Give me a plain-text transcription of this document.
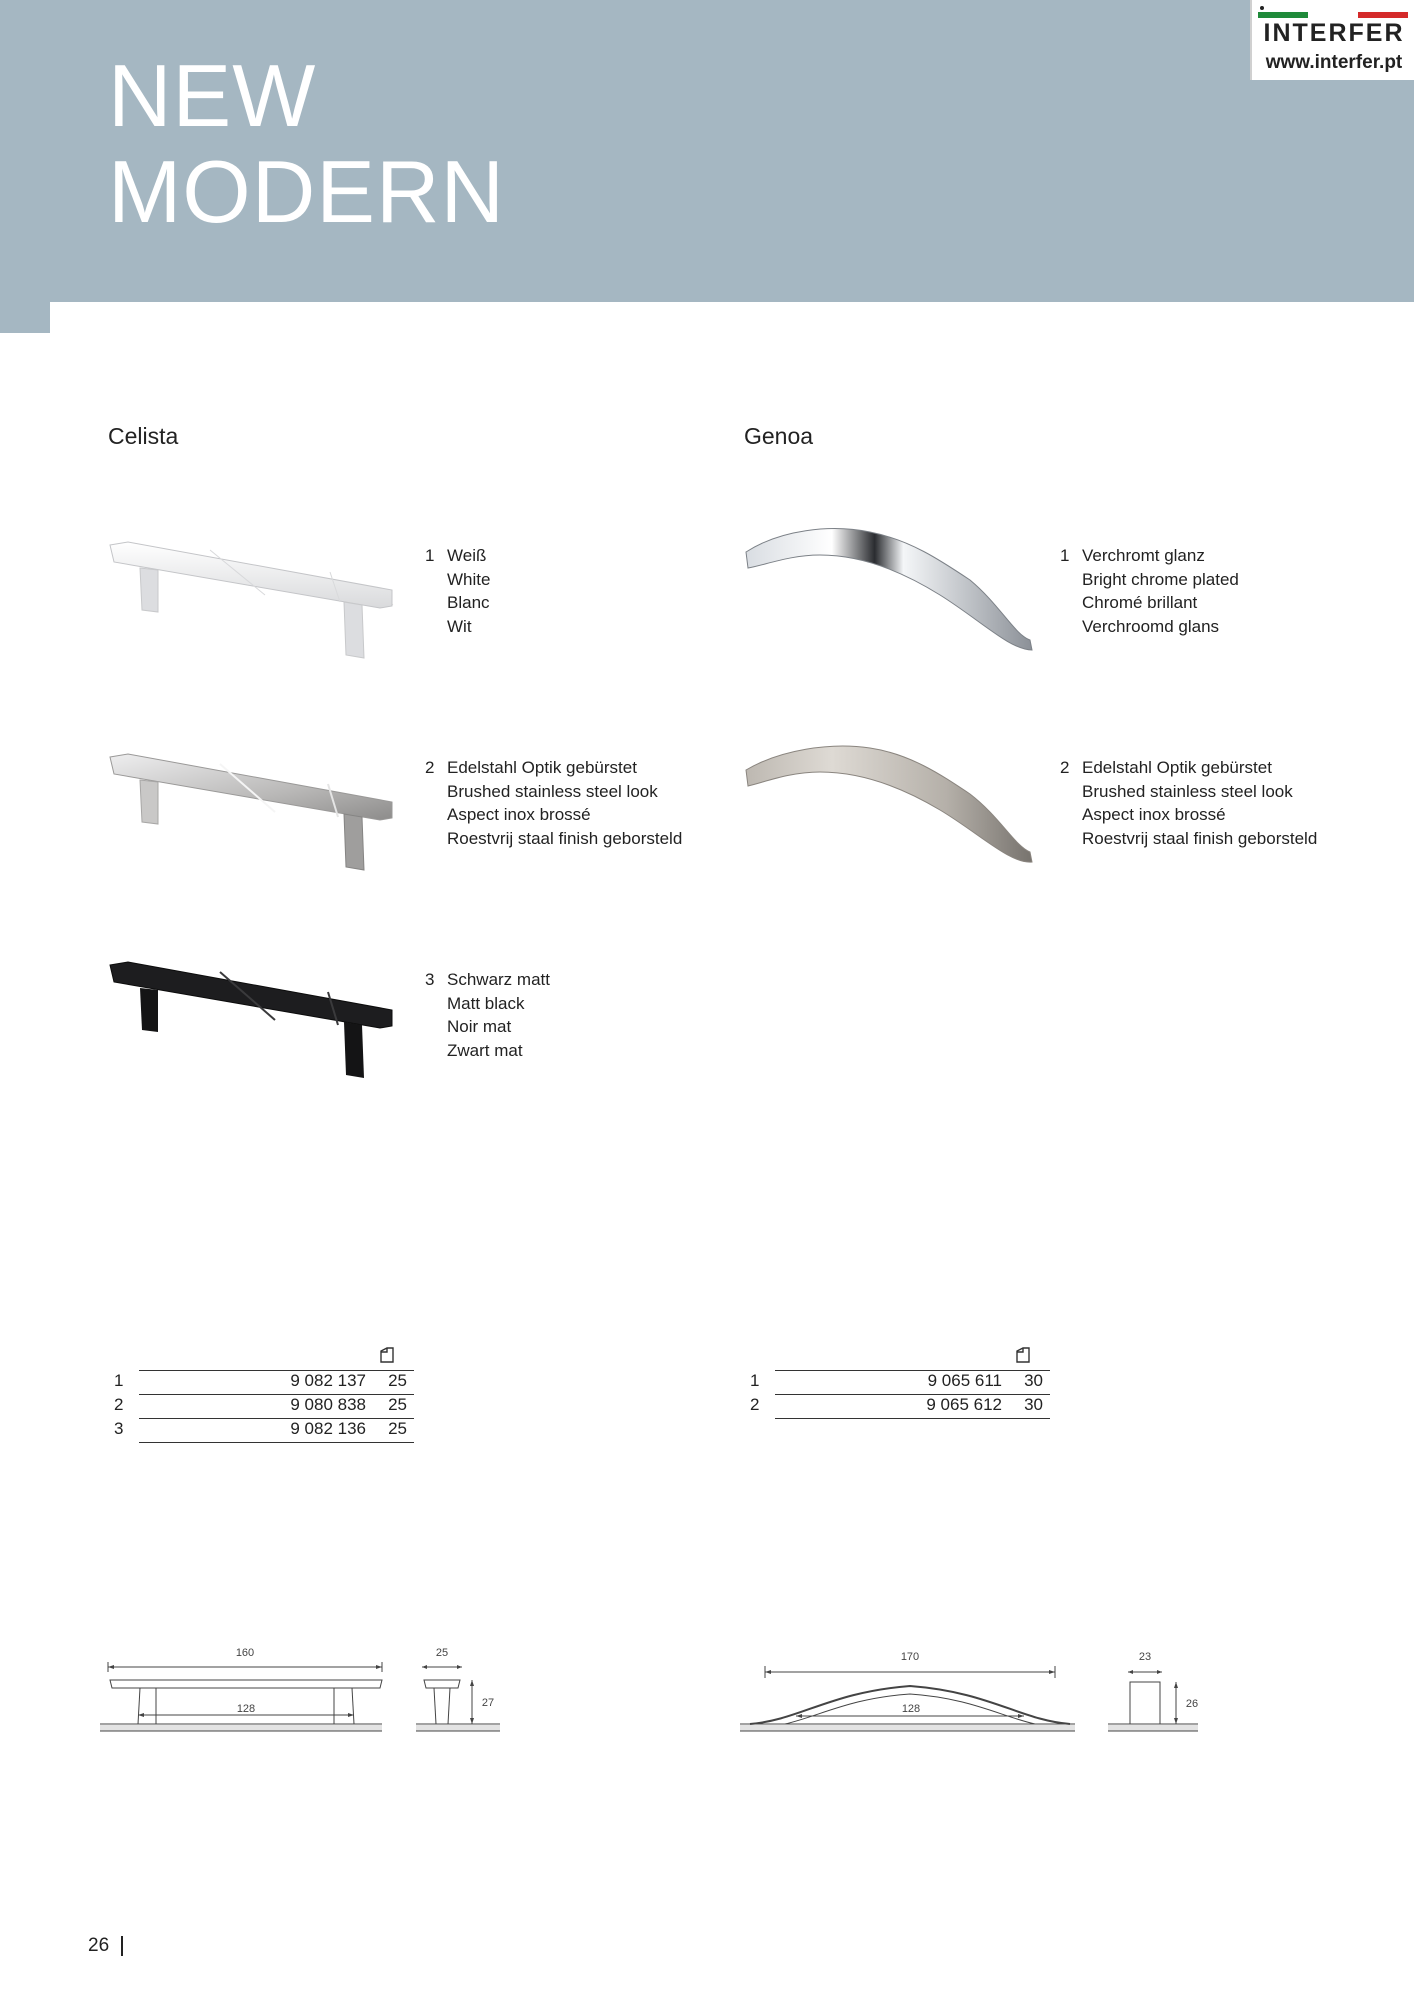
NEW
MODERN
INTERFER
www.interfer.pt
Celista
1 Weiß
White
Blanc
Wit
2 Edelstahl Optik gebürstet
Brushed stainless steel look
Aspect inox brossé
Roestvrij staal finish geborsteld
3 Schwarz matt
Matt black
Noir mat
Zwart mat
Genoa
1 Verchromt glanz
Bright chrome plated
Chromé brillant
Verchroomd glans
2 Edelstahl Optik gebürstet
Brushed stainless steel look
Aspect inox brossé
Roestvrij staal finish geborsteld
1	9 082 137 25
2	9 080 838 25
3	9 082 136 25
1	9 065 611 30
2	9 065 612 30
160
128
25
27
170
128
23
26
26
